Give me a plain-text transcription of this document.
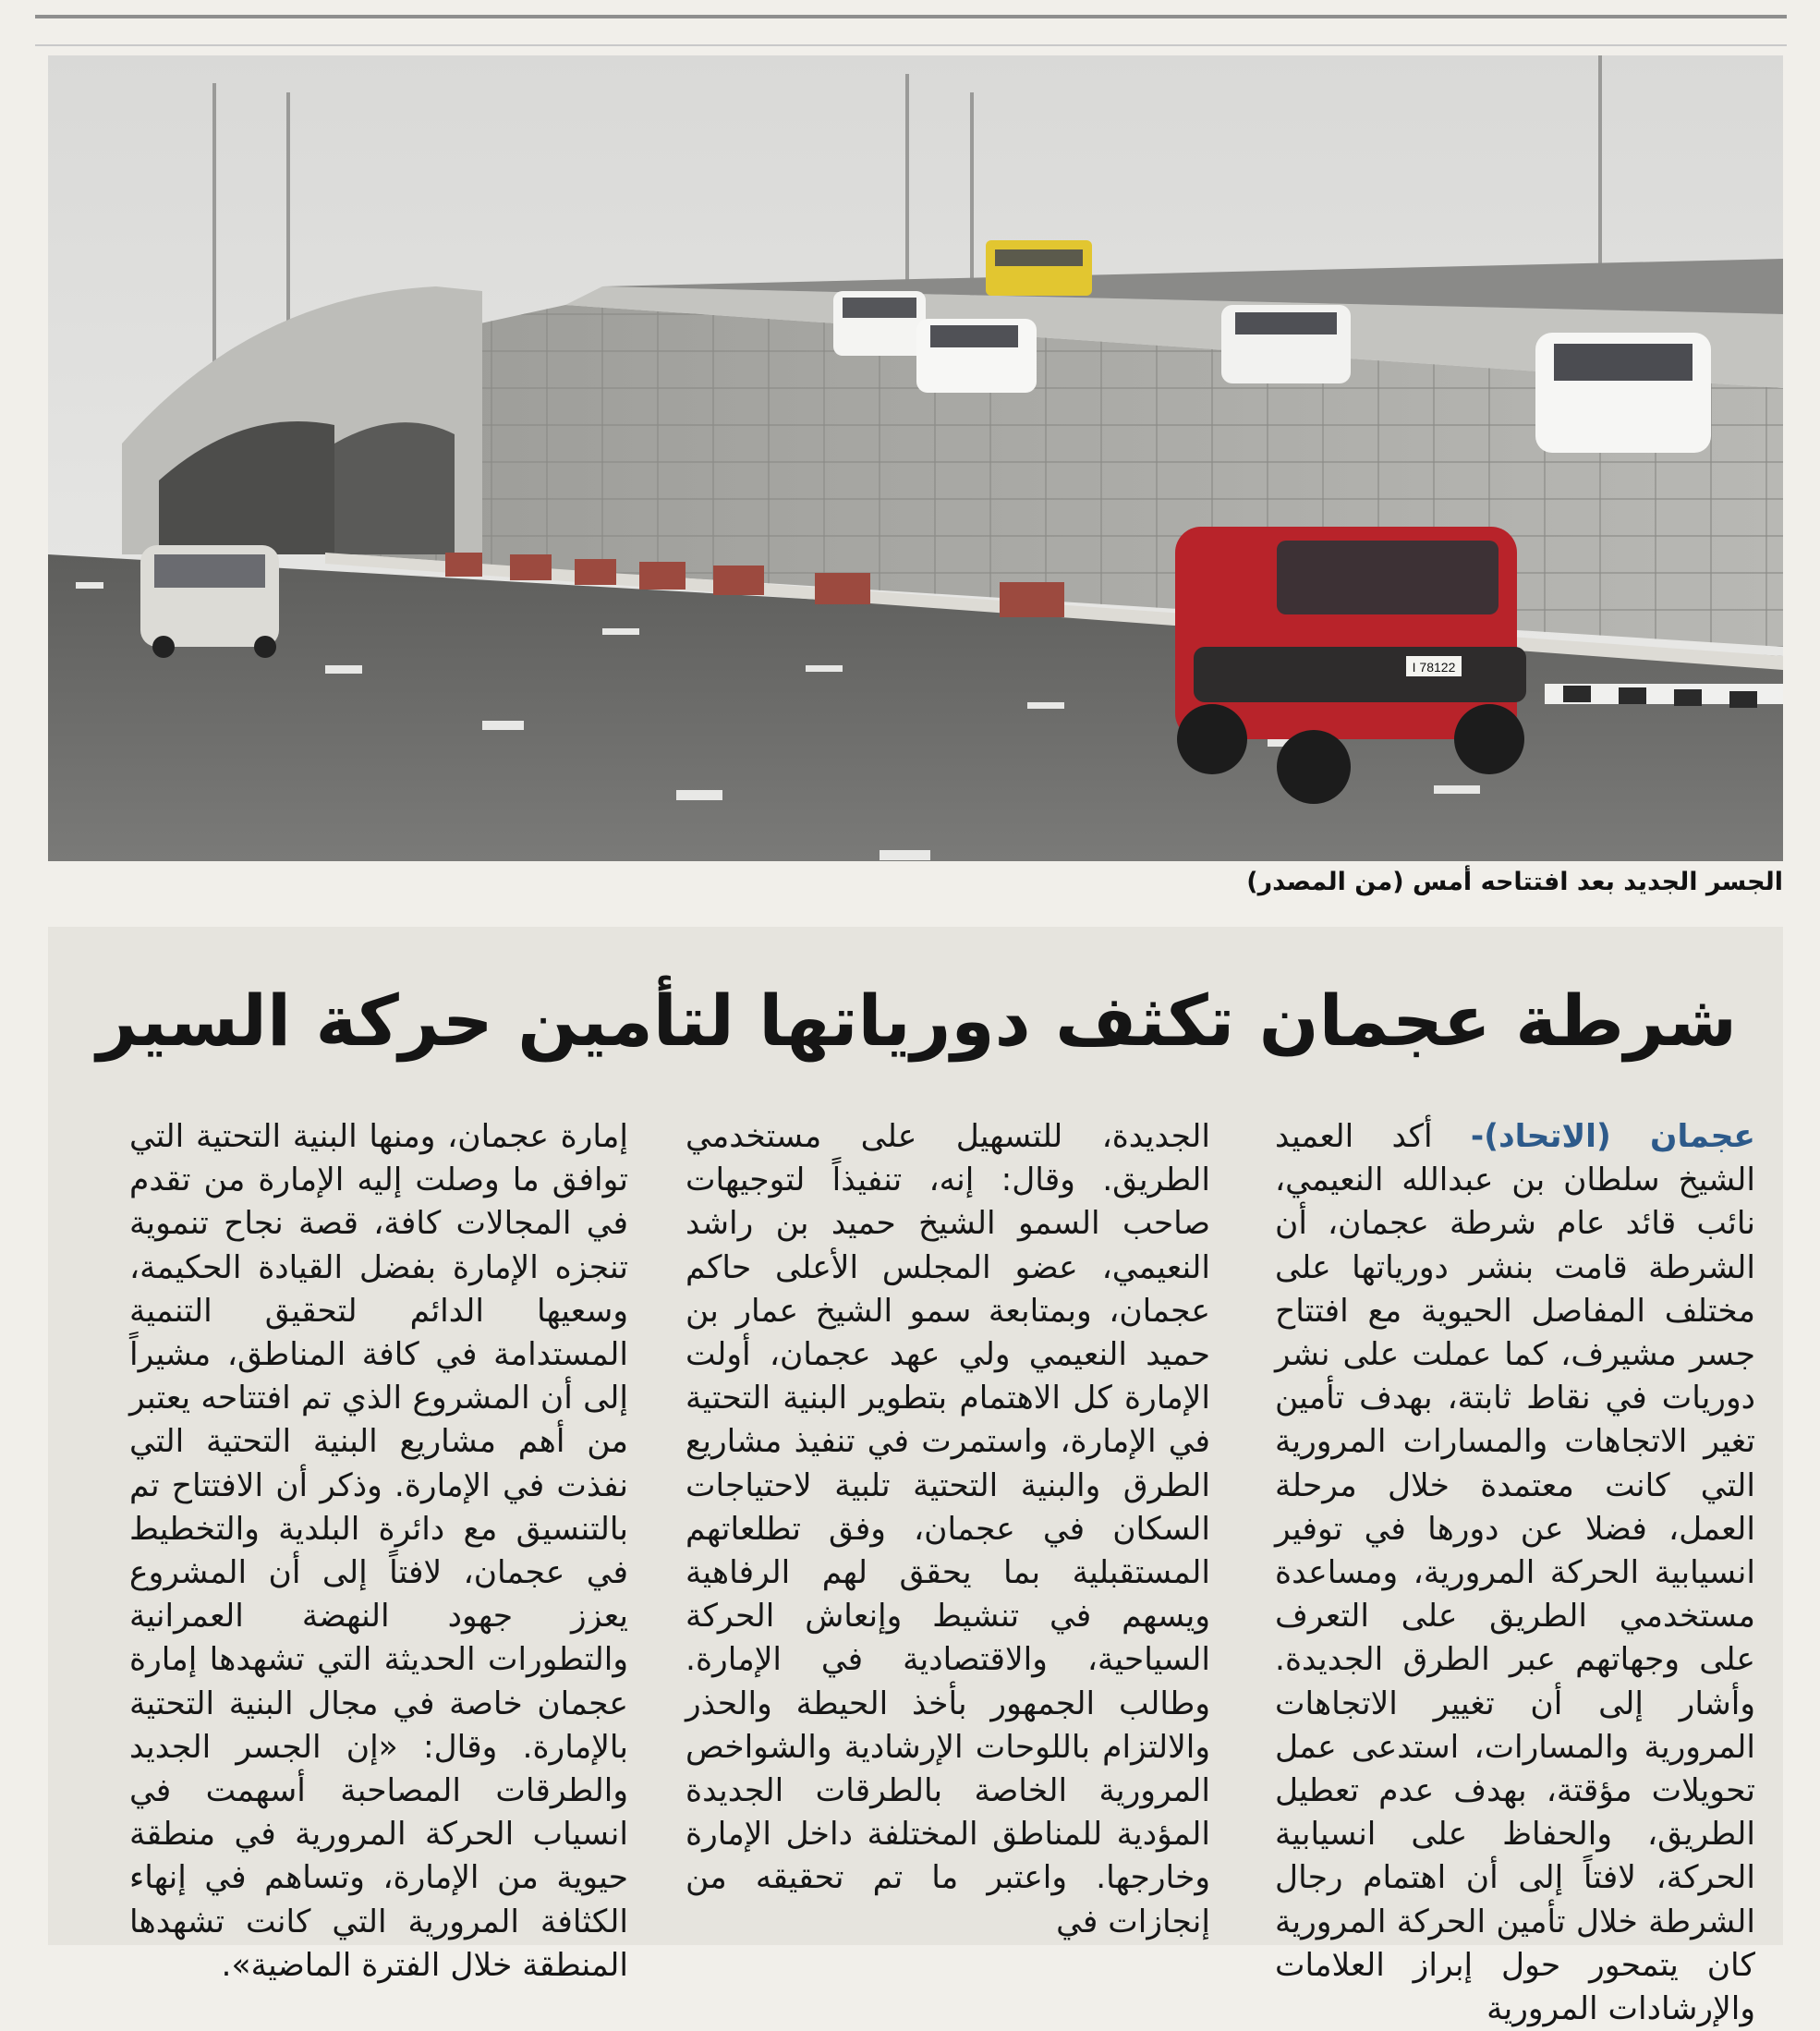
I 78122
الجسر الجديد بعد افتتاحه أمس (من المصدر)
شرطة عجمان تكثف دورياتها لتأمين حركة السير

عجمان (الاتحاد)- أكد العميد الشيخ سلطان بن عبدالله النعيمي، نائب قائد عام شرطة عجمان، أن الشرطة قامت بنشر دورياتها على مختلف المفاصل الحيوية مع افتتاح جسر مشيرف، كما عملت على نشر دوريات في نقاط ثابتة، بهدف تأمين تغير الاتجاهات والمسارات المرورية التي كانت معتمدة خلال مرحلة العمل، فضلا عن دورها في توفير انسيابية الحركة المرورية، ومساعدة مستخدمي الطريق على التعرف على وجهاتهم عبر الطرق الجديدة. وأشار إلى أن تغيير الاتجاهات المرورية والمسارات، استدعى عمل تحويلات مؤقتة، بهدف عدم تعطيل الطريق، والحفاظ على انسيابية الحركة، لافتاً إلى أن اهتمام رجال الشرطة خلال تأمين الحركة المرورية كان يتمحور حول إبراز العلامات والإرشادات المرورية

الجديدة، للتسهيل على مستخدمي الطريق. وقال: إنه، تنفيذاً لتوجيهات صاحب السمو الشيخ حميد بن راشد النعيمي، عضو المجلس الأعلى حاكم عجمان، وبمتابعة سمو الشيخ عمار بن حميد النعيمي ولي عهد عجمان، أولت الإمارة كل الاهتمام بتطوير البنية التحتية في الإمارة، واستمرت في تنفيذ مشاريع الطرق والبنية التحتية تلبية لاحتياجات السكان في عجمان، وفق تطلعاتهم المستقبلية بما يحقق لهم الرفاهية ويسهم في تنشيط وإنعاش الحركة السياحية، والاقتصادية في الإمارة. وطالب الجمهور بأخذ الحيطة والحذر والالتزام باللوحات الإرشادية والشواخص المرورية الخاصة بالطرقات الجديدة المؤدية للمناطق المختلفة داخل الإمارة وخارجها. واعتبر ما تم تحقيقه من إنجازات في

إمارة عجمان، ومنها البنية التحتية التي توافق ما وصلت إليه الإمارة من تقدم في المجالات كافة، قصة نجاح تنموية تنجزه الإمارة بفضل القيادة الحكيمة، وسعيها الدائم لتحقيق التنمية المستدامة في كافة المناطق، مشيراً إلى أن المشروع الذي تم افتتاحه يعتبر من أهم مشاريع البنية التحتية التي نفذت في الإمارة. وذكر أن الافتتاح تم بالتنسيق مع دائرة البلدية والتخطيط في عجمان، لافتاً إلى أن المشروع يعزز جهود النهضة العمرانية والتطورات الحديثة التي تشهدها إمارة عجمان خاصة في مجال البنية التحتية بالإمارة. وقال: «إن الجسر الجديد والطرقات المصاحبة أسهمت في انسياب الحركة المرورية في منطقة حيوية من الإمارة، وتساهم في إنهاء الكثافة المرورية التي كانت تشهدها المنطقة خلال الفترة الماضية».
